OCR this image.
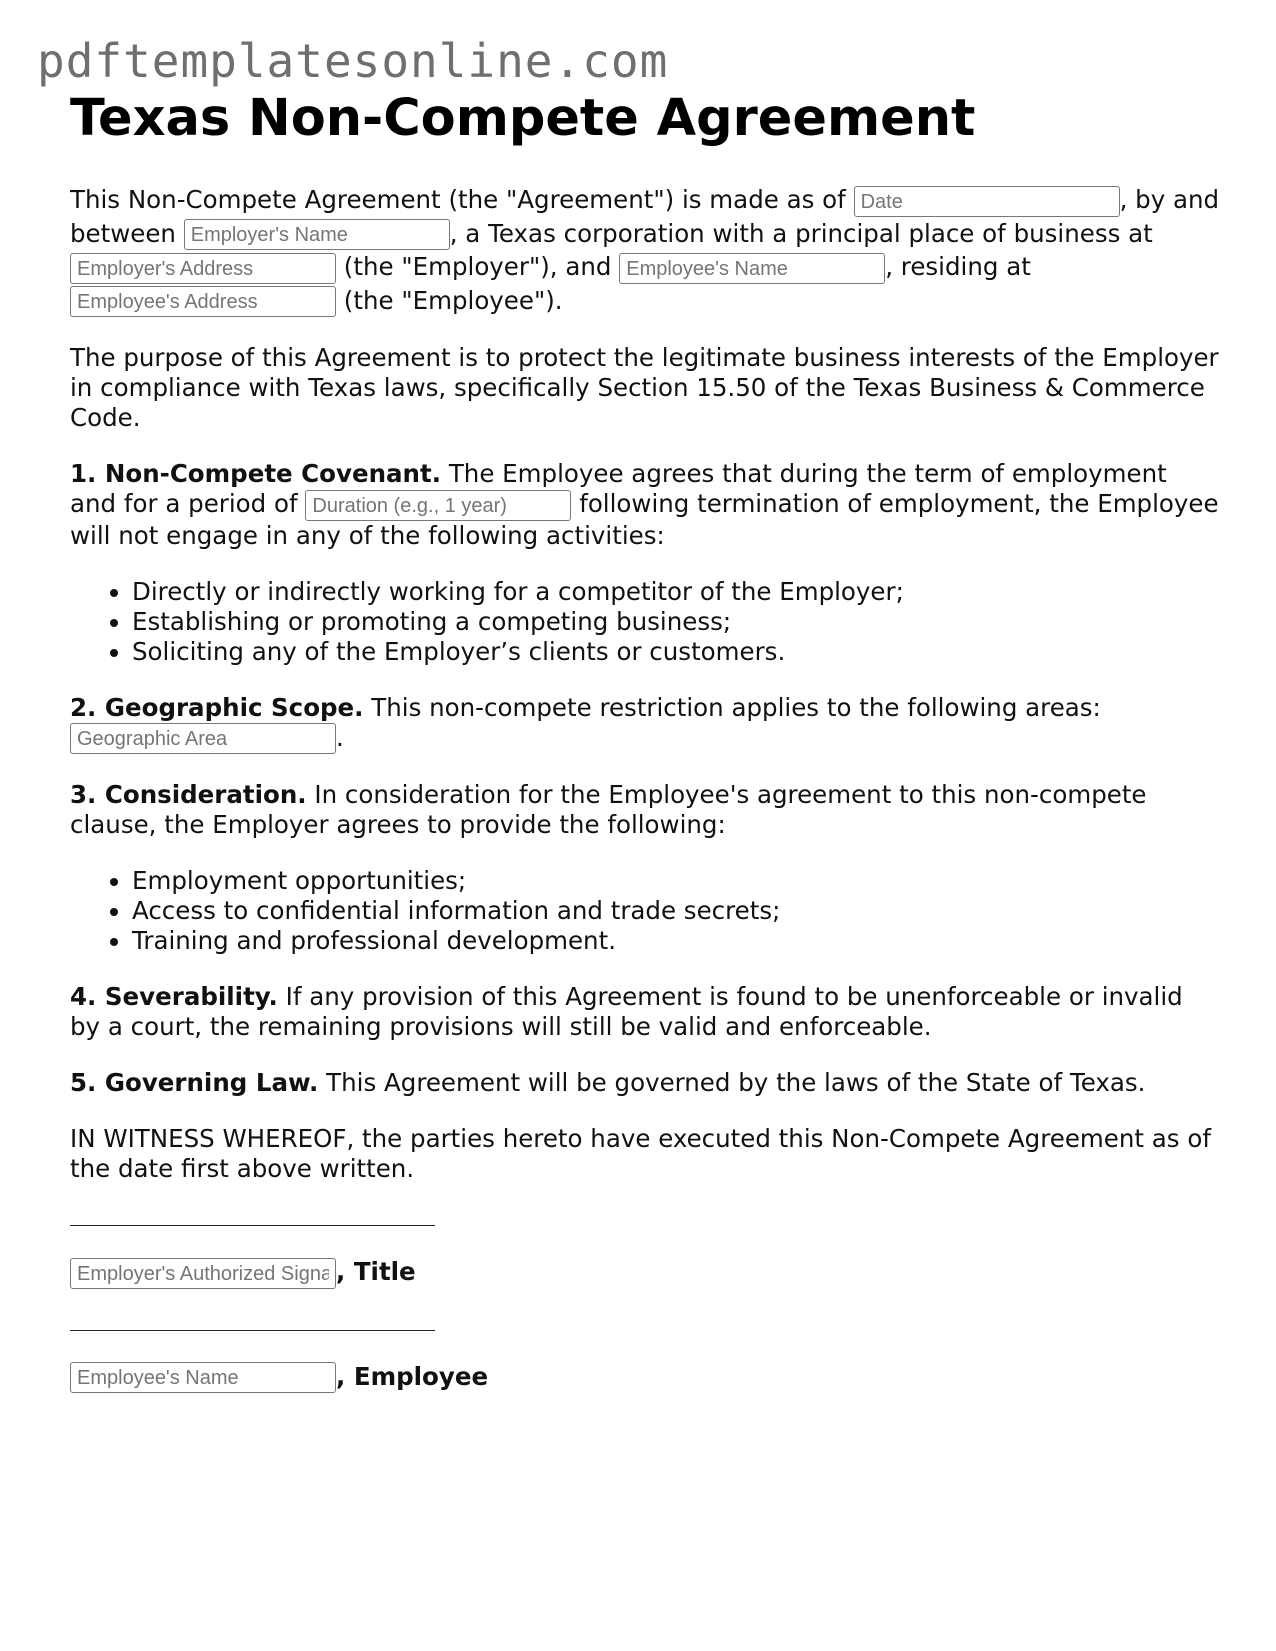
pdftemplatesonline.com
Texas Non-Compete Agreement

This Non-Compete Agreement (the "Agreement") is made as of Date	, by and between Employer's Name	, a Texas corporation with a principal place of business at Employer's Address (the "Employer"), and Employee's Name	, residing at Employee's Address (the "Employee").

The purpose of this Agreement is to protect the legitimate business interests of the Employer in compliance with Texas laws, specifically Section 15.50 of the Texas Business & Commerce Code.

1. Non-Compete Covenant. The Employee agrees that during the term of employment and for a period of Duration (e.g., 1 year)	following termination of employment, the Employee will not engage in any of the following activities:

• Directly or indirectly working for a competitor of the Employer;
• Establishing or promoting a competing business;
• Soliciting any of the Employer’s clients or customers.

2. Geographic Scope. This non-compete restriction applies to the following areas: Geographic Area.

3. Consideration. In consideration for the Employee's agreement to this non-compete clause, the Employer agrees to provide the following:

• Employment opportunities;
• Access to confidential information and trade secrets;
• Training and professional development.

4. Severability. If any provision of this Agreement is found to be unenforceable or invalid by a court, the remaining provisions will still be valid and enforceable.

5. Governing Law. This Agreement will be governed by the laws of the State of Texas.

IN WITNESS WHEREOF, the parties hereto have executed this Non-Compete Agreement as of the date first above written.

Employer's Authorized Signatory, Title
Employee's Name, Employee
